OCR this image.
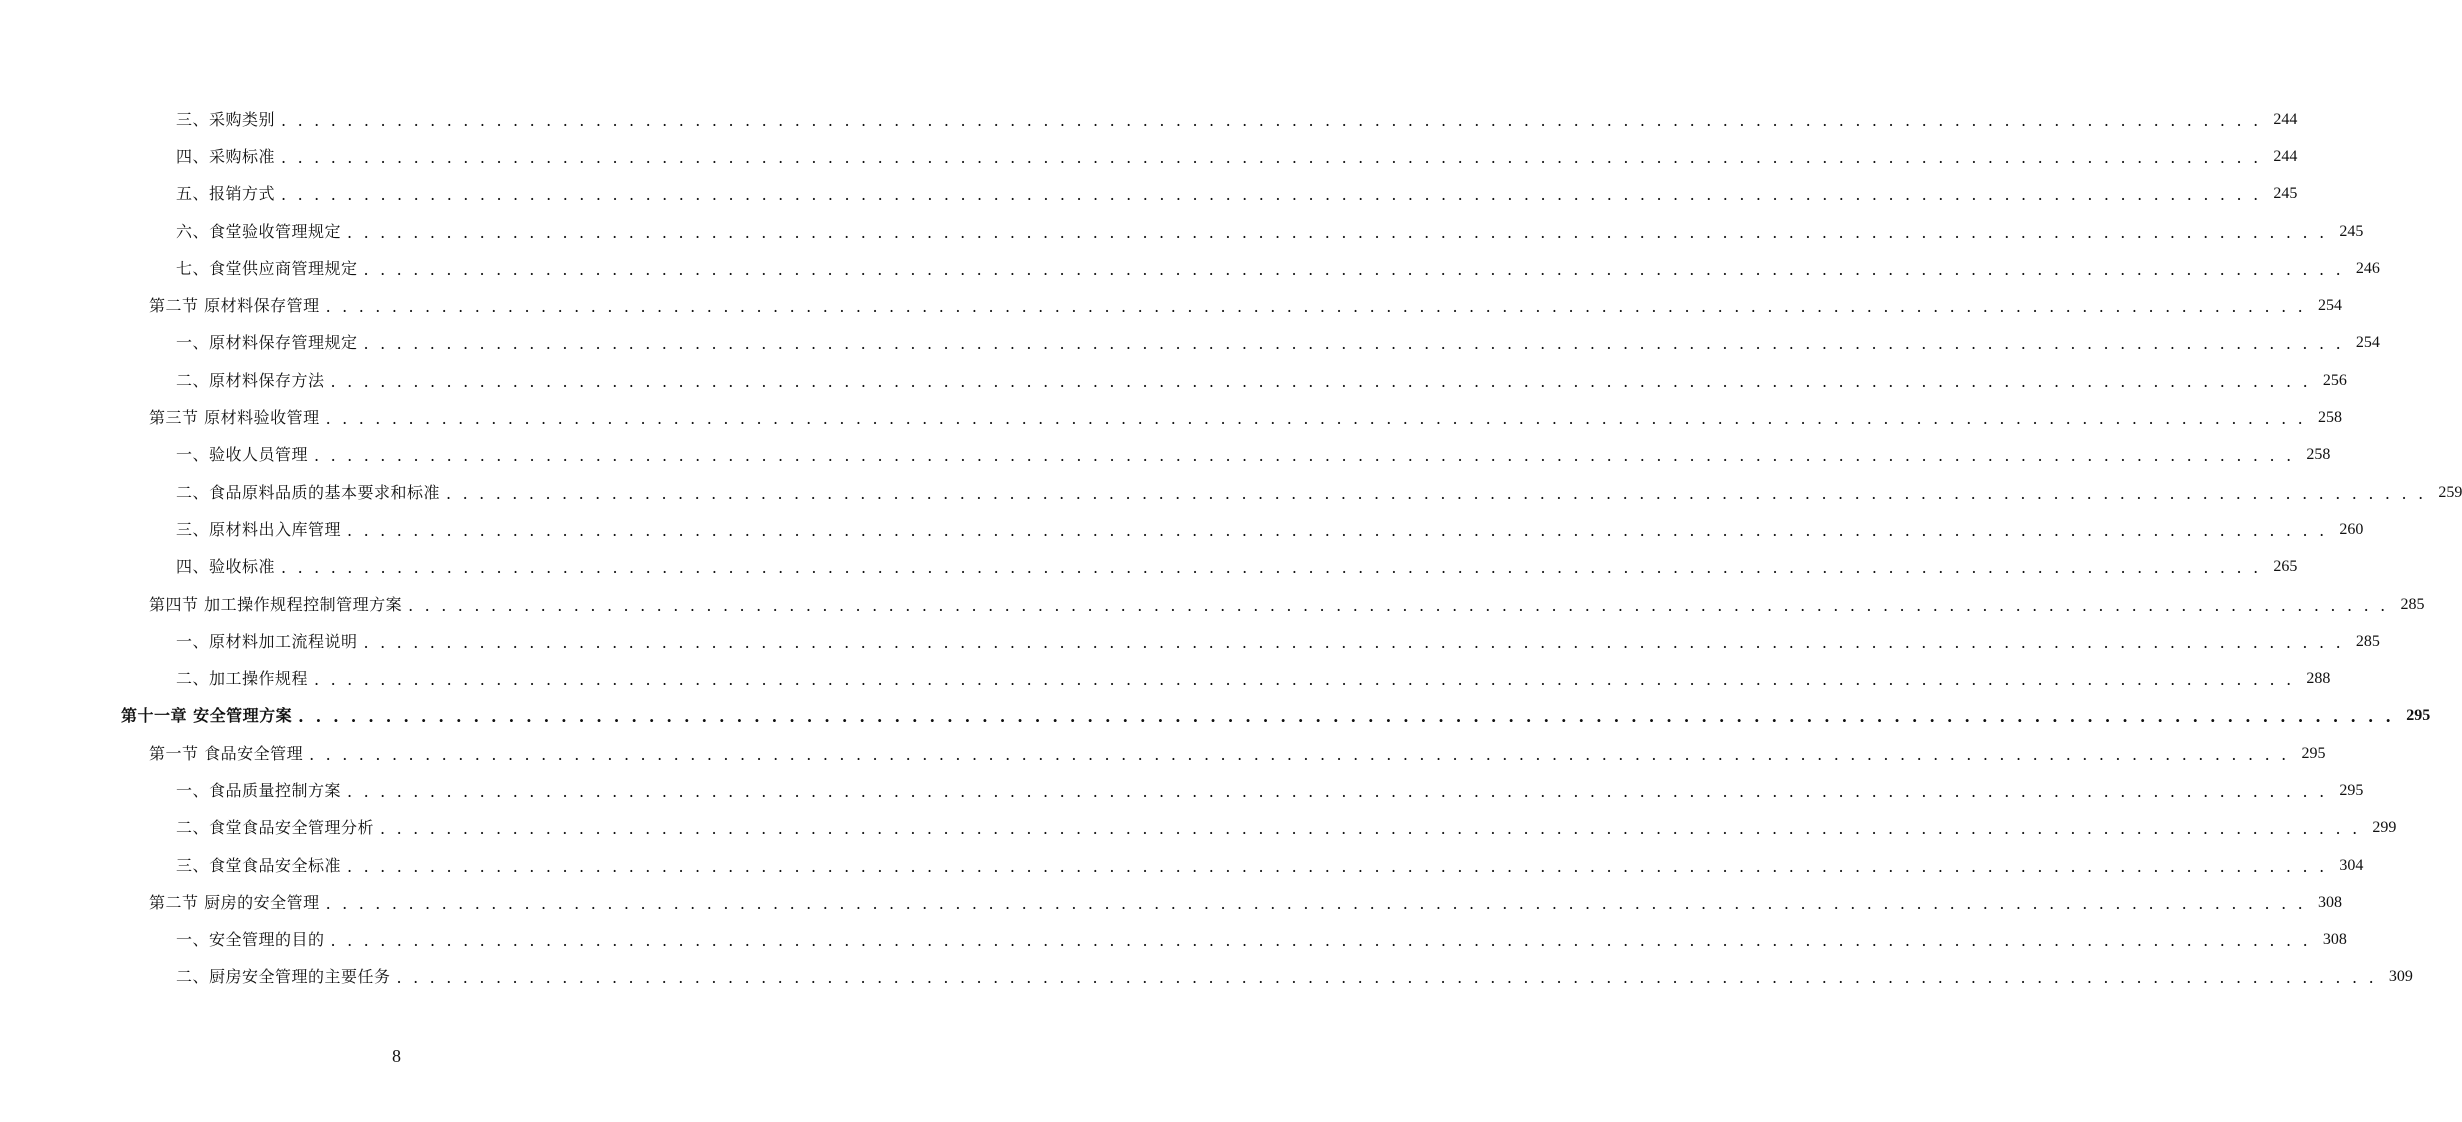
三、采购类别 . . . . . . . . . . . . . . . . . . . . . . . . . . . . . . . . . . . . . . . . . . . . . . . . . . . . . . . . . . . . . . . . . . . . . . . . . . . . . . . . . . . . . . . . . . . . . . . . . . . . . . . . . . . . . . . . . . . . . . . . 244
四、采购标准 . . . . . . . . . . . . . . . . . . . . . . . . . . . . . . . . . . . . . . . . . . . . . . . . . . . . . . . . . . . . . . . . . . . . . . . . . . . . . . . . . . . . . . . . . . . . . . . . . . . . . . . . . . . . . . . . . . . . . . . . 244
五、报销方式 . . . . . . . . . . . . . . . . . . . . . . . . . . . . . . . . . . . . . . . . . . . . . . . . . . . . . . . . . . . . . . . . . . . . . . . . . . . . . . . . . . . . . . . . . . . . . . . . . . . . . . . . . . . . . . . . . . . . . . . . 245
六、食堂验收管理规定 . . . . . . . . . . . . . . . . . . . . . . . . . . . . . . . . . . . . . . . . . . . . . . . . . . . . . . . . . . . . . . . . . . . . . . . . . . . . . . . . . . . . . . . . . . . . . . . . . . . . . . . . . . . . . . . . . . . . . . . . 245
七、食堂供应商管理规定 . . . . . . . . . . . . . . . . . . . . . . . . . . . . . . . . . . . . . . . . . . . . . . . . . . . . . . . . . . . . . . . . . . . . . . . . . . . . . . . . . . . . . . . . . . . . . . . . . . . . . . . . . . . . . . . . . . . . . . . . 246
第二节 原材料保存管理 . . . . . . . . . . . . . . . . . . . . . . . . . . . . . . . . . . . . . . . . . . . . . . . . . . . . . . . . . . . . . . . . . . . . . . . . . . . . . . . . . . . . . . . . . . . . . . . . . . . . . . . . . . . . . . . . . . . . . . . . 254
一、原材料保存管理规定 . . . . . . . . . . . . . . . . . . . . . . . . . . . . . . . . . . . . . . . . . . . . . . . . . . . . . . . . . . . . . . . . . . . . . . . . . . . . . . . . . . . . . . . . . . . . . . . . . . . . . . . . . . . . . . . . . . . . . . . . 254
二、原材料保存方法 . . . . . . . . . . . . . . . . . . . . . . . . . . . . . . . . . . . . . . . . . . . . . . . . . . . . . . . . . . . . . . . . . . . . . . . . . . . . . . . . . . . . . . . . . . . . . . . . . . . . . . . . . . . . . . . . . . . . . . . . 256
第三节 原材料验收管理 . . . . . . . . . . . . . . . . . . . . . . . . . . . . . . . . . . . . . . . . . . . . . . . . . . . . . . . . . . . . . . . . . . . . . . . . . . . . . . . . . . . . . . . . . . . . . . . . . . . . . . . . . . . . . . . . . . . . . . . . 258
一、验收人员管理 . . . . . . . . . . . . . . . . . . . . . . . . . . . . . . . . . . . . . . . . . . . . . . . . . . . . . . . . . . . . . . . . . . . . . . . . . . . . . . . . . . . . . . . . . . . . . . . . . . . . . . . . . . . . . . . . . . . . . . . . 258
二、食品原料品质的基本要求和标准 . . . . . . . . . . . . . . . . . . . . . . . . . . . . . . . . . . . . . . . . . . . . . . . . . . . . . . . . . . . . . . . . . . . . . . . . . . . . . . . . . . . . . . . . . . . . . . . . . . . . . . . . . . . . . . . . . . . . . . . . 259
三、原材料出入库管理 . . . . . . . . . . . . . . . . . . . . . . . . . . . . . . . . . . . . . . . . . . . . . . . . . . . . . . . . . . . . . . . . . . . . . . . . . . . . . . . . . . . . . . . . . . . . . . . . . . . . . . . . . . . . . . . . . . . . . . . . 260
四、验收标准 . . . . . . . . . . . . . . . . . . . . . . . . . . . . . . . . . . . . . . . . . . . . . . . . . . . . . . . . . . . . . . . . . . . . . . . . . . . . . . . . . . . . . . . . . . . . . . . . . . . . . . . . . . . . . . . . . . . . . . . . 265
第四节 加工操作规程控制管理方案 . . . . . . . . . . . . . . . . . . . . . . . . . . . . . . . . . . . . . . . . . . . . . . . . . . . . . . . . . . . . . . . . . . . . . . . . . . . . . . . . . . . . . . . . . . . . . . . . . . . . . . . . . . . . . . . . . . . . . . . . 285
一、原材料加工流程说明 . . . . . . . . . . . . . . . . . . . . . . . . . . . . . . . . . . . . . . . . . . . . . . . . . . . . . . . . . . . . . . . . . . . . . . . . . . . . . . . . . . . . . . . . . . . . . . . . . . . . . . . . . . . . . . . . . . . . . . . . 285
二、加工操作规程 . . . . . . . . . . . . . . . . . . . . . . . . . . . . . . . . . . . . . . . . . . . . . . . . . . . . . . . . . . . . . . . . . . . . . . . . . . . . . . . . . . . . . . . . . . . . . . . . . . . . . . . . . . . . . . . . . . . . . . . . 288
第十一章 安全管理方案 . . . . . . . . . . . . . . . . . . . . . . . . . . . . . . . . . . . . . . . . . . . . . . . . . . . . . . . . . . . . . . . . . . . . . . . . . . . . . . . . . . . . . . . . . . . . . . . . . . . . . . . . . . . . . . . . . . . . . . . . 295
第一节 食品安全管理 . . . . . . . . . . . . . . . . . . . . . . . . . . . . . . . . . . . . . . . . . . . . . . . . . . . . . . . . . . . . . . . . . . . . . . . . . . . . . . . . . . . . . . . . . . . . . . . . . . . . . . . . . . . . . . . . . . . . . . . . 295
一、食品质量控制方案 . . . . . . . . . . . . . . . . . . . . . . . . . . . . . . . . . . . . . . . . . . . . . . . . . . . . . . . . . . . . . . . . . . . . . . . . . . . . . . . . . . . . . . . . . . . . . . . . . . . . . . . . . . . . . . . . . . . . . . . . 295
二、食堂食品安全管理分析 . . . . . . . . . . . . . . . . . . . . . . . . . . . . . . . . . . . . . . . . . . . . . . . . . . . . . . . . . . . . . . . . . . . . . . . . . . . . . . . . . . . . . . . . . . . . . . . . . . . . . . . . . . . . . . . . . . . . . . . . 299
三、食堂食品安全标准 . . . . . . . . . . . . . . . . . . . . . . . . . . . . . . . . . . . . . . . . . . . . . . . . . . . . . . . . . . . . . . . . . . . . . . . . . . . . . . . . . . . . . . . . . . . . . . . . . . . . . . . . . . . . . . . . . . . . . . . . 304
第二节 厨房的安全管理 . . . . . . . . . . . . . . . . . . . . . . . . . . . . . . . . . . . . . . . . . . . . . . . . . . . . . . . . . . . . . . . . . . . . . . . . . . . . . . . . . . . . . . . . . . . . . . . . . . . . . . . . . . . . . . . . . . . . . . . . 308
一、安全管理的目的 . . . . . . . . . . . . . . . . . . . . . . . . . . . . . . . . . . . . . . . . . . . . . . . . . . . . . . . . . . . . . . . . . . . . . . . . . . . . . . . . . . . . . . . . . . . . . . . . . . . . . . . . . . . . . . . . . . . . . . . . 308
二、厨房安全管理的主要任务 . . . . . . . . . . . . . . . . . . . . . . . . . . . . . . . . . . . . . . . . . . . . . . . . . . . . . . . . . . . . . . . . . . . . . . . . . . . . . . . . . . . . . . . . . . . . . . . . . . . . . . . . . . . . . . . . . . . . . . . . 309
8
